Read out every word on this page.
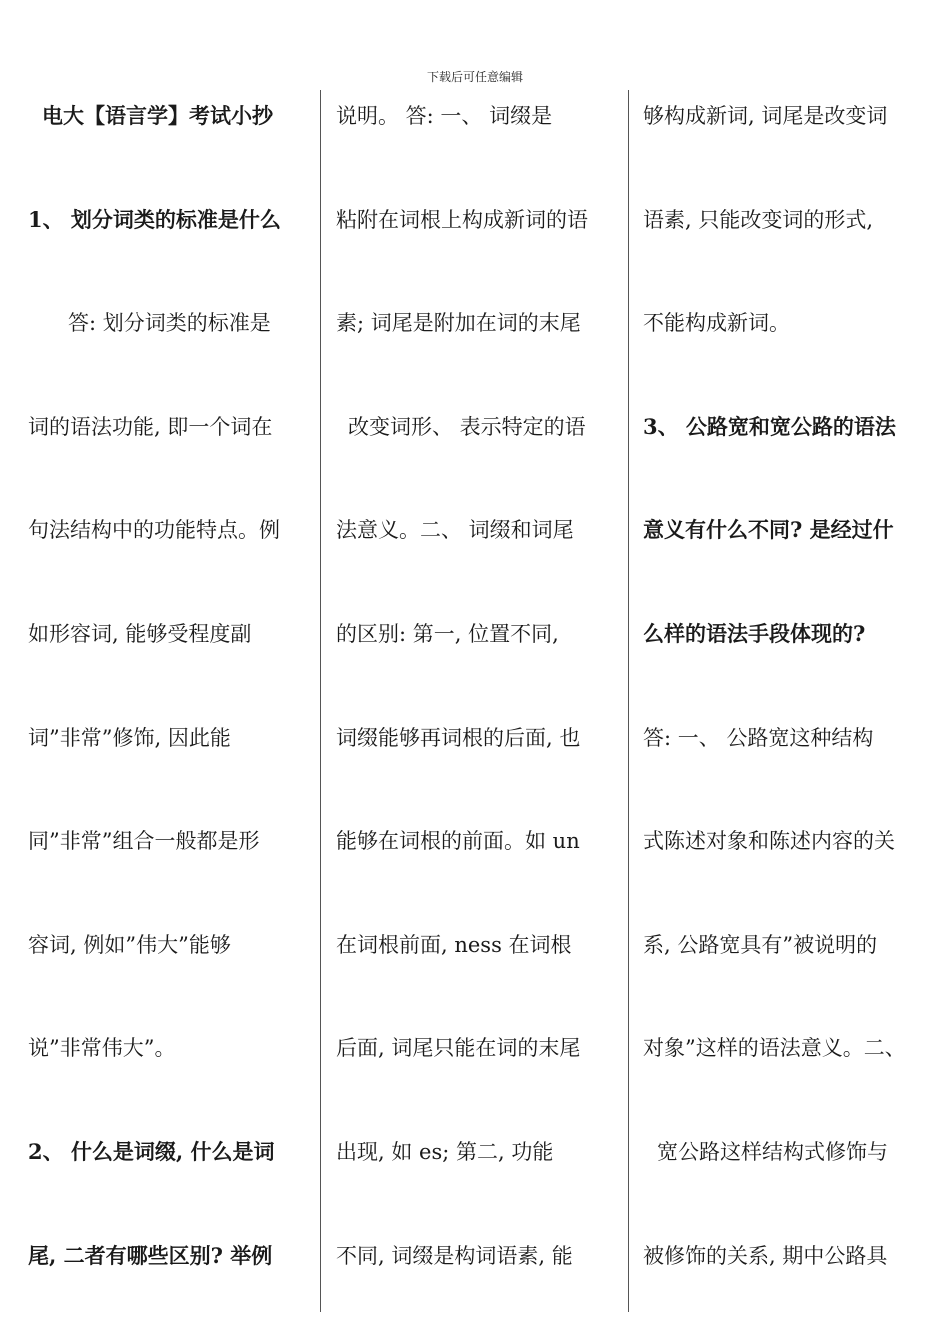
下载后可任意编辑
电大【语言学】考试小抄
1、 划分词类的标准是什么
答: 划分词类的标准是
词的语法功能, 即一个词在
句法结构中的功能特点。例
如形容词, 能够受程度副
词”非常”修饰, 因此能
同”非常”组合一般都是形
容词, 例如”伟大”能够
说”非常伟大”。
2、 什么是词缀, 什么是词
尾, 二者有哪些区别? 举例
说明。 答: 一、 词缀是
粘附在词根上构成新词的语
素; 词尾是附加在词的末尾
改变词形、 表示特定的语
法意义。二、 词缀和词尾
的区别: 第一, 位置不同,
词缀能够再词根的后面, 也
能够在词根的前面。如 un
在词根前面, ness 在词根
后面, 词尾只能在词的末尾
出现, 如 es; 第二, 功能
不同, 词缀是构词语素, 能
够构成新词, 词尾是改变词
语素, 只能改变词的形式,
不能构成新词。
3、 公路宽和宽公路的语法
意义有什么不同? 是经过什
么样的语法手段体现的?
答: 一、 公路宽这种结构
式陈述对象和陈述内容的关
系, 公路宽具有”被说明的
对象”这样的语法意义。二、
宽公路这样结构式修饰与
被修饰的关系, 期中公路具
